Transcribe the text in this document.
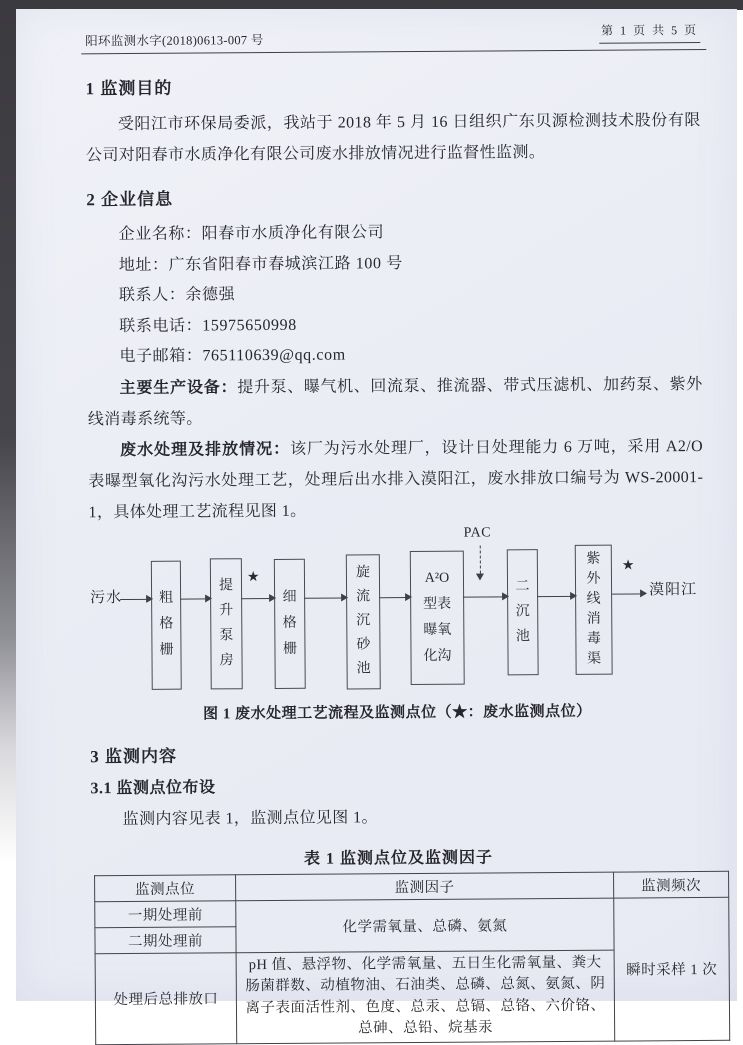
阳环监测水字(2018)0613-007 号
第 1 页 共 5 页
1 监测目的

受阳江市环保局委派，我站于 2018 年 5 月 16 日组织广东贝源检测技术股份有限公司对阳春市水质净化有限公司废水排放情况进行监督性监测。

2 企业信息

企业名称：阳春市水质净化有限公司

地址：广东省阳春市春城滨江路 100 号

联系人：余德强

联系电话：15975650998

电子邮箱：765110639@qq.com

主要生产设备：提升泵、曝气机、回流泵、推流器、带式压滤机、加药泵、紫外线消毒系统等。

废水处理及排放情况：该厂为污水处理厂，设计日处理能力 6 万吨，采用 A2/O 表曝型氧化沟污水处理工艺，处理后出水排入漠阳江，废水排放口编号为 WS-20001-1，具体处理工艺流程见图 1。

污水	粗
格
栅
提
升
泵
房
★
细
格
栅
旋
流
沉
砂
池
A²O
型表
曝氧
化沟
PAC
二
沉
池
紫
外
线
消
毒
渠
★
漠阳江
图 1 废水处理工艺流程及监测点位（★：废水监测点位）
3 监测内容
3.1 监测点位布设

监测内容见表 1，监测点位见图 1。

表 1 监测点位及监测因子
监测点位	监测因子	监测频次
一期处理前	化学需氧量、总磷、氨氮	瞬时采样 1 次
二期处理前		
处理后总排放口	pH 值、悬浮物、化学需氧量、五日生化需氧量、粪大肠菌群数、动植物油、石油类、总磷、总氮、氨氮、阴离子表面活性剂、色度、总汞、总镉、总铬、六价铬、总砷、总铅、烷基汞	
